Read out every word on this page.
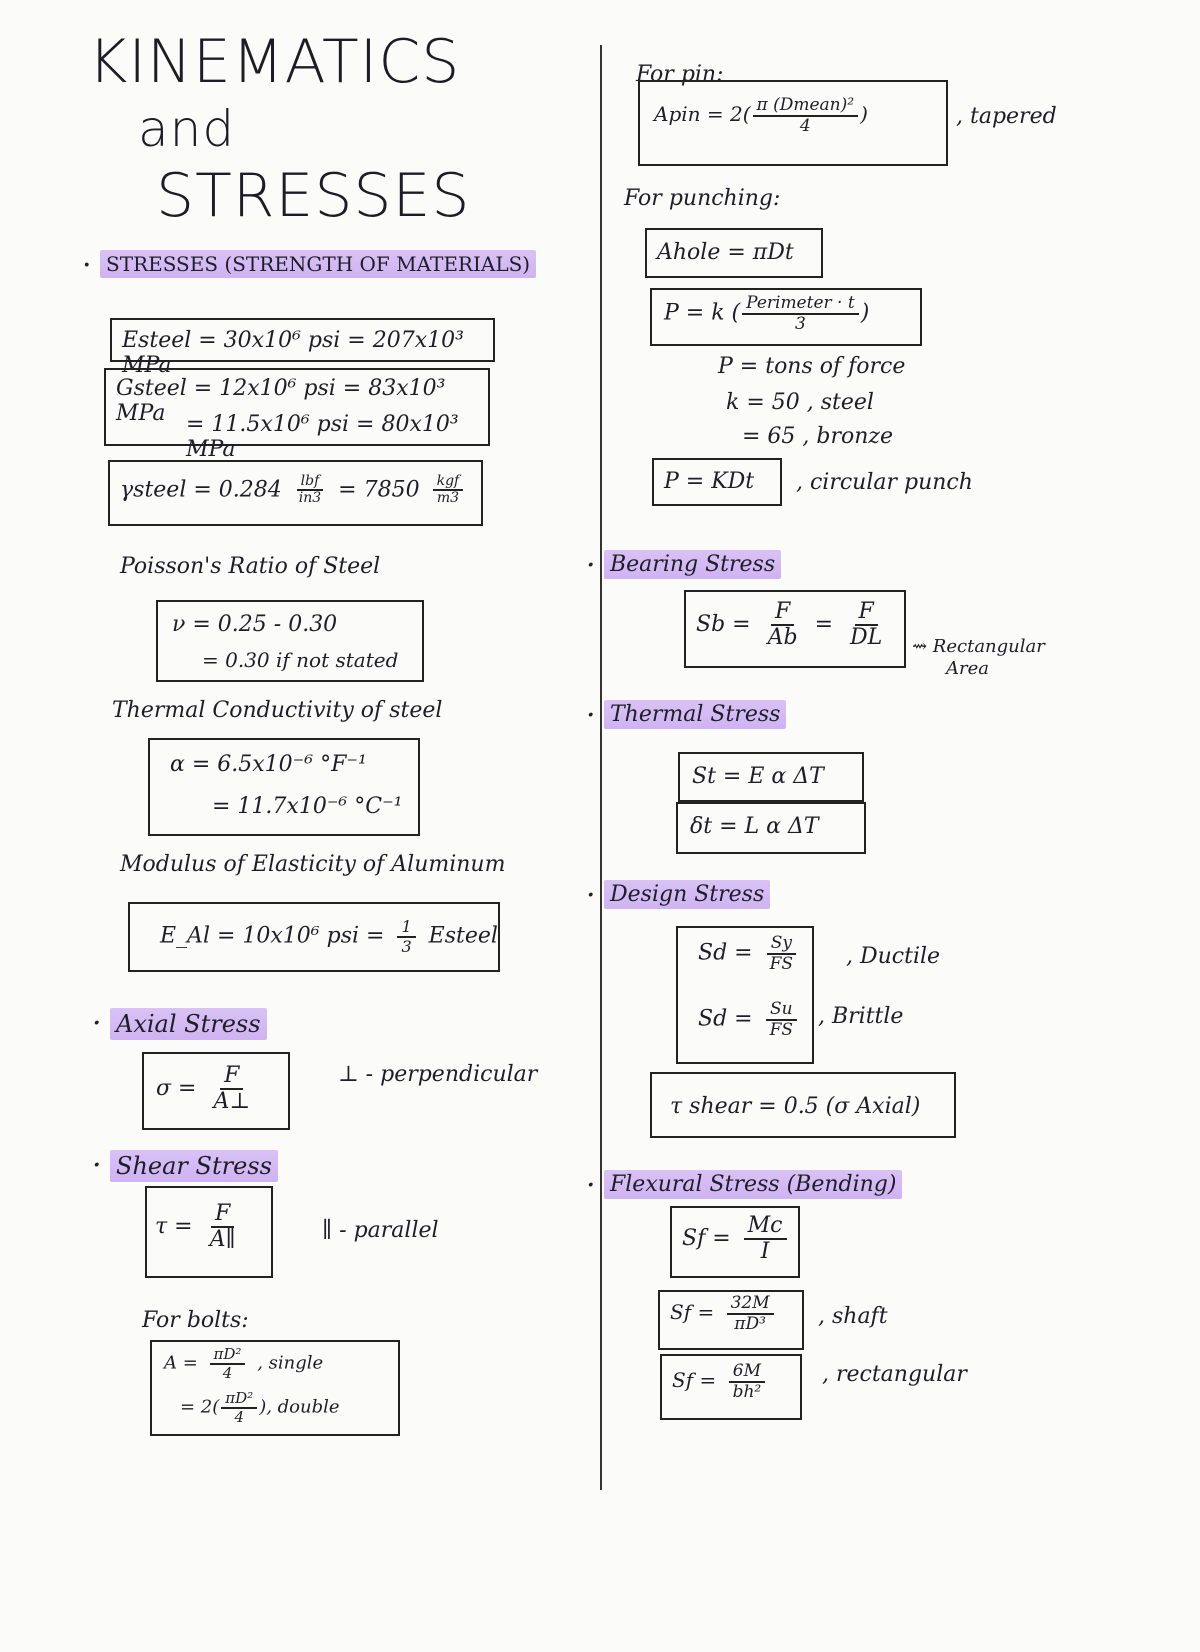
KINEMATICS and
STRESSES
· STRESSES (STRENGTH OF MATERIALS)
Esteel = 30x10⁶ psi = 207x10³ MPa
Gsteel = 12x10⁶ psi = 83x10³ MPa = 11.5x10⁶ psi = 80x10³ MPa
γsteel = $0.284 \frac{\text{lbf}}{in3} = 7850 \frac{\text{kgf}}{m3}$
Poisson's Ratio of Steel
ν = 0.25 - 0.30
= 0.30 if not stated
Thermal Conductivity of steel
α = 6.5x10⁻⁶ °F⁻¹
= 11.7x10⁻⁶ °C⁻¹
Modulus of Elasticity of Aluminum
E_Al = 10x10⁶ psi = $\frac{1}{3}$ Esteel
· Axial Stress
$\sigma = \frac{F}{A\perp}$	⊥ - perpendicular
· Shear Stress
$\tau = \frac{F}{A\parallel}$	∥ - parallel
For bolts:
$A = \frac{\text{πD²}}{4}$ , single
= $2( \frac{\text{πD²}}{4}$ ), double
For pin:
Apin = $2( \frac{\text{π (Dmean)²}}{4}$ )	, tapered
For punching:
Ahole = πDt
P = k ( $\frac{\text{Perimeter · t}}{3}$ )
P = tons of force
k = 50 , steel
= 65 , bronze
P = KDt , circular punch
· Bearing Stress
$Sb = \frac{F}{Ab} = \frac{F}{DL}$ ⇝ Rectangular
Area
· Thermal Stress
St = E α ΔT
δt = L α ΔT
· Design Stress
$Sd = \frac{Sy}{FS}$
$Sd = \frac{Su}{FS}$
, Ductile
, Brittle
τ shear = 0.5 (σ Axial)
· Flexural Stress (Bending)
$Sf = \frac{Mc}{I}$
$Sf = \frac{32M}{\text{πD³}}$ , shaft
$Sf = \frac{6M}{\text{bh²}}$	, rectangular
